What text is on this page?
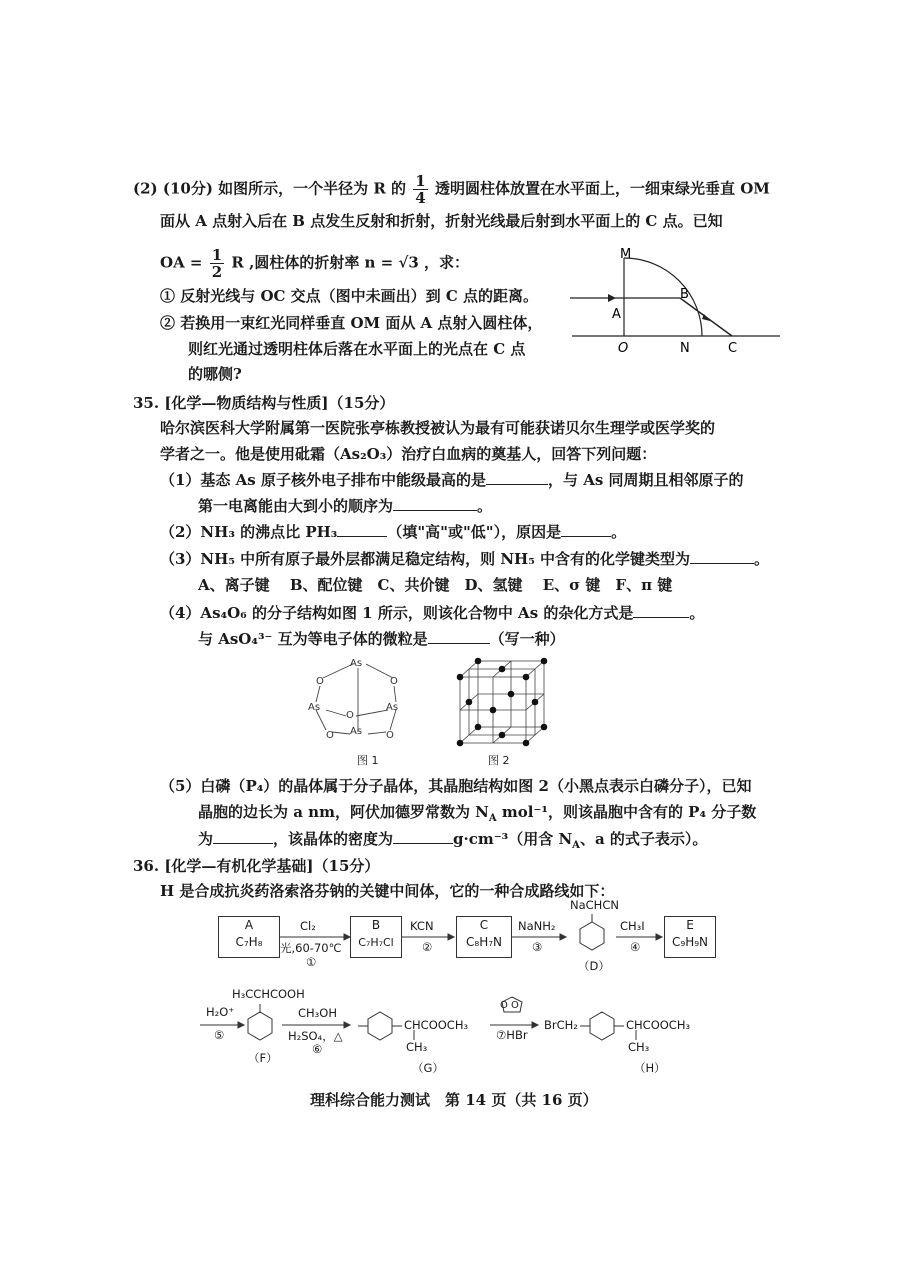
(2) (10分) 如图所示，一个半径为 R 的 $\frac{1}{4}$ 透明圆柱体放置在水平面上，一细束绿光垂直 OM
面从 A 点射入后在 B 点发生反射和折射，折射光线最后射到水平面上的 C 点。已知
OA = $\frac{1}{2}$ R ,圆柱体的折射率 n = √3 ，求：
① 反射光线与 OC 交点（图中未画出）到 C 点的距离。
② 若换用一束红光同样垂直 OM 面从 A 点射入圆柱体，
则红光通过透明柱体后落在水平面上的光点在 C 点
的哪侧?
M
A
B
O	N	C
35. [化学—物质结构与性质]（15分）
哈尔滨医科大学附属第一医院张亭栋教授被认为最有可能获诺贝尔生理学或医学奖的
学者之一。他是使用砒霜（As₂O₃）治疗白血病的奠基人，回答下列问题：
（1）基态 As 原子核外电子排布中能级最高的是	，与 As 同周期且相邻原子的
第一电离能由大到小的顺序为	。
（2）NH₃ 的沸点比 PH₃	（填"高"或"低"），原因是	。
（3）NH₅ 中所有原子最外层都满足稳定结构，则 NH₅ 中含有的化学键类型为	。
A、离子键　 B、配位键　C、共价键　D、氢键　 E、σ 键　F、π 键
（4）As₄O₆ 的分子结构如图 1 所示，则该化合物中 As 的杂化方式是	。
与 AsO₄³⁻ 互为等电子体的微粒是	（写一种）
As
O	O
As	As
O
As
O	O
图 1	图 2
（5）白磷（P₄）的晶体属于分子晶体，其晶胞结构如图 2（小黑点表示白磷分子），已知
晶胞的边长为 a nm，阿伏加德罗常数为 $N_A$ mol⁻¹，则该晶胞中含有的 P₄ 分子数
为	，该晶体的密度为	g·cm⁻³（用含 $N_A$、a 的式子表示）。
36. [化学—有机化学基础]（15分）
H 是合成抗炎药洛索洛芬钠的关键中间体，它的一种合成路线如下：
A
C₇H₈
Cl₂
光,60-70℃
①
B
C₇H₇Cl
KCN
②
C
C₈H₇N
NaNH₂
③
NaCHCN
（D）
CH₃I
④
E
C₉H₉N
H₂O⁺
⑤
H₃CCHCOOH
（F）
CH₃OH
H₂SO₄，△
⑥
CHCOOCH₃
CH₃
（G）
O O
⑦HBr
BrCH₂	CHCOOCH₃
CH₃
（H）
理科综合能力测试　第 14 页（共 16 页）
